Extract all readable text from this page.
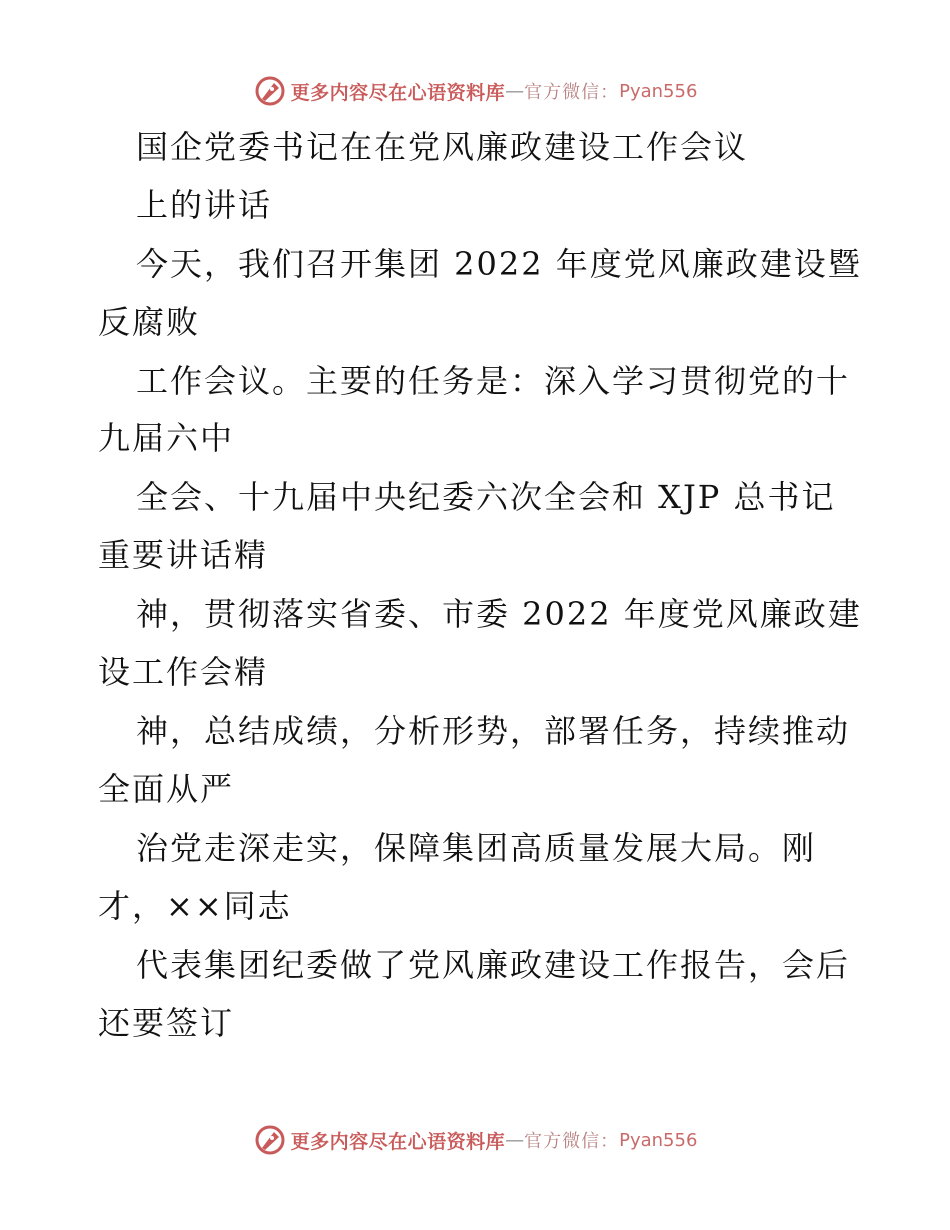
更多内容尽在心语资料库 — 官方微信： Pyan556
国企党委书记在在党风廉政建设工作会议
上的讲话
今天，我们召开集团 2022 年度党风廉政建设暨
反腐败
工作会议。主要的任务是：深入学习贯彻党的十
九届六中
全会、十九届中央纪委六次全会和 XJP 总书记
重要讲话精
神，贯彻落实省委、市委 2022 年度党风廉政建
设工作会精
神，总结成绩，分析形势，部署任务，持续推动
全面从严
治党走深走实，保障集团高质量发展大局。刚
才，××同志
代表集团纪委做了党风廉政建设工作报告，会后
还要签订
更多内容尽在心语资料库 — 官方微信： Pyan556
